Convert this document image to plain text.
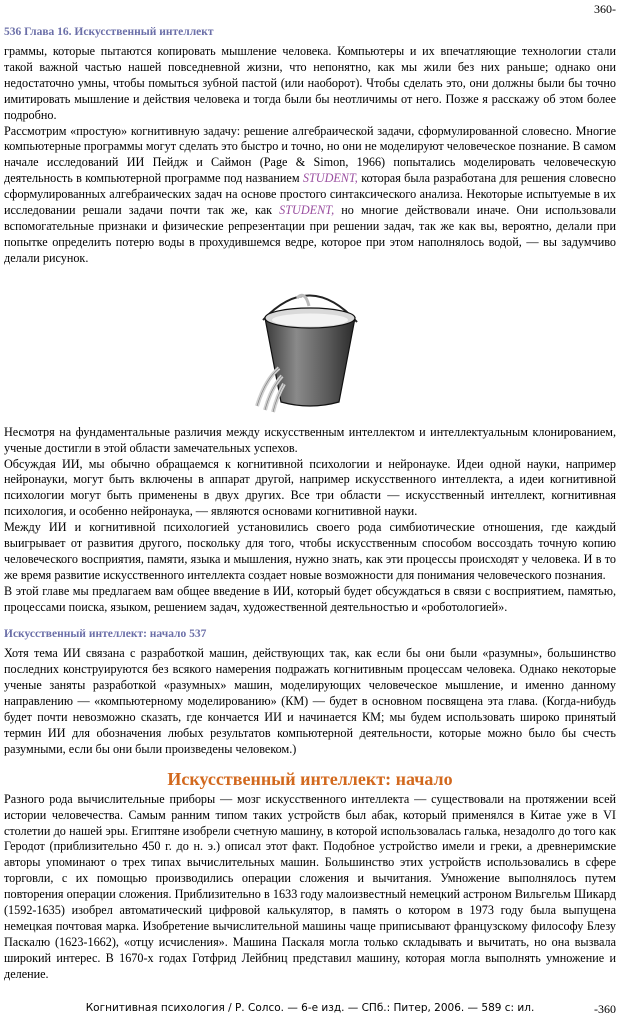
360-
536 Глава 16. Искусственный интеллект

граммы, которые пытаются копировать мышление человека. Компьютеры и их впечатляющие технологии стали такой важной частью нашей повседневной жизни, что непонятно, как мы жили без них раньше; однако они недостаточно умны, чтобы помыться зубной пастой (или наоборот). Чтобы сделать это, они должны были бы точно имитировать мышление и действия человека и тогда были бы неотличимы от него. Позже я расскажу об этом более подробно.

Рассмотрим «простую» когнитивную задачу: решение алгебраической задачи, сформулированной словесно. Многие компьютерные программы могут сделать это быстро и точно, но они не моделируют человеческое познание. В самом начале исследований ИИ Пейдж и Саймон (Page & Simon, 1966) попытались моделировать человеческую деятельность в компьютерной программе под названием STUDENT, которая была разработана для решения словесно сформулированных алгебраических задач на основе простого синтаксического анализа. Некоторые испытуемые в их исследовании решали задачи почти так же, как STUDENT, но многие действовали иначе. Они использовали вспомогательные признаки и физические репрезентации при решении задач, так же как вы, вероятно, делали при попытке определить потерю воды в прохудившемся ведре, которое при этом наполнялось водой, — вы задумчиво делали рисунок.

Несмотря на фундаментальные различия между искусственным интеллектом и интеллектуальным клонированием, ученые достигли в этой области замечательных успехов.

Обсуждая ИИ, мы обычно обращаемся к когнитивной психологии и нейронауке. Идеи одной науки, например нейронауки, могут быть включены в аппарат другой, например искусственного интеллекта, а идеи когнитивной психологии могут быть применены в двух других. Все три области — искусственный интеллект, когнитивная психология, и особенно нейронаука, — являются основами когнитивной науки.

Между ИИ и когнитивной психологией установились своего рода симбиотические отношения, где каждый выигрывает от развития другого, поскольку для того, чтобы искусственным способом воссоздать точную копию человеческого восприятия, памяти, языка и мышления, нужно знать, как эти процессы происходят у человека. И в то же время развитие искусственного интеллекта создает новые возможности для понимания человеческого познания.

В этой главе мы предлагаем вам общее введение в ИИ, который будет обсуждаться в связи с восприятием, памятью, процессами поиска, языком, решением задач, художественной деятельностью и «роботологией».

Искусственный интеллект: начало 537

Хотя тема ИИ связана с разработкой машин, действующих так, как если бы они были «разумны», большинство последних конструируются без всякого намерения подражать когнитивным процессам человека. Однако некоторые ученые заняты разработкой «разумных» машин, моделирующих человеческое мышление, и именно данному направлению — «компьютерному моделированию» (КМ) — будет в основном посвящена эта глава. (Когда-нибудь будет почти невозможно сказать, где кончается ИИ и начинается КМ; мы будем использовать широко принятый термин ИИ для обозначения любых результатов компьютерной деятельности, которые можно было бы счесть разумными, если бы они были произведены человеком.)

Искусственный интеллект: начало

Разного рода вычислительные приборы — мозг искусственного интеллекта — существовали на протяжении всей истории человечества. Самым ранним типом таких устройств был абак, который применялся в Китае уже в VI столетии до нашей эры. Египтяне изобрели счетную машину, в которой использовалась галька, незадолго до того как Геродот (приблизительно 450 г. до н. э.) описал этот факт. Подобное устройство имели и греки, а древнеримские авторы упоминают о трех типах вычислительных машин. Большинство этих устройств использовались в сфере торговли, с их помощью производились операции сложения и вычитания. Умножение выполнялось путем повторения операции сложения. Приблизительно в 1633 году малоизвестный немецкий астроном Вильгельм Шикард (1592-1635) изобрел автоматический цифровой калькулятор, в память о котором в 1973 году была выпущена немецкая почтовая марка. Изобретение вычислительной машины чаще приписывают французскому философу Блезу Паскалю (1623-1662), «отцу исчисления». Машина Паскаля могла только складывать и вычитать, но она вызвала широкий интерес. В 1670-х годах Готфрид Лейбниц представил машину, которая могла выполнять умножение и деление.

Когнитивная психология / Р. Солсо. — 6-е изд. — СПб.: Питер, 2006. — 589 с: ил.	-360
